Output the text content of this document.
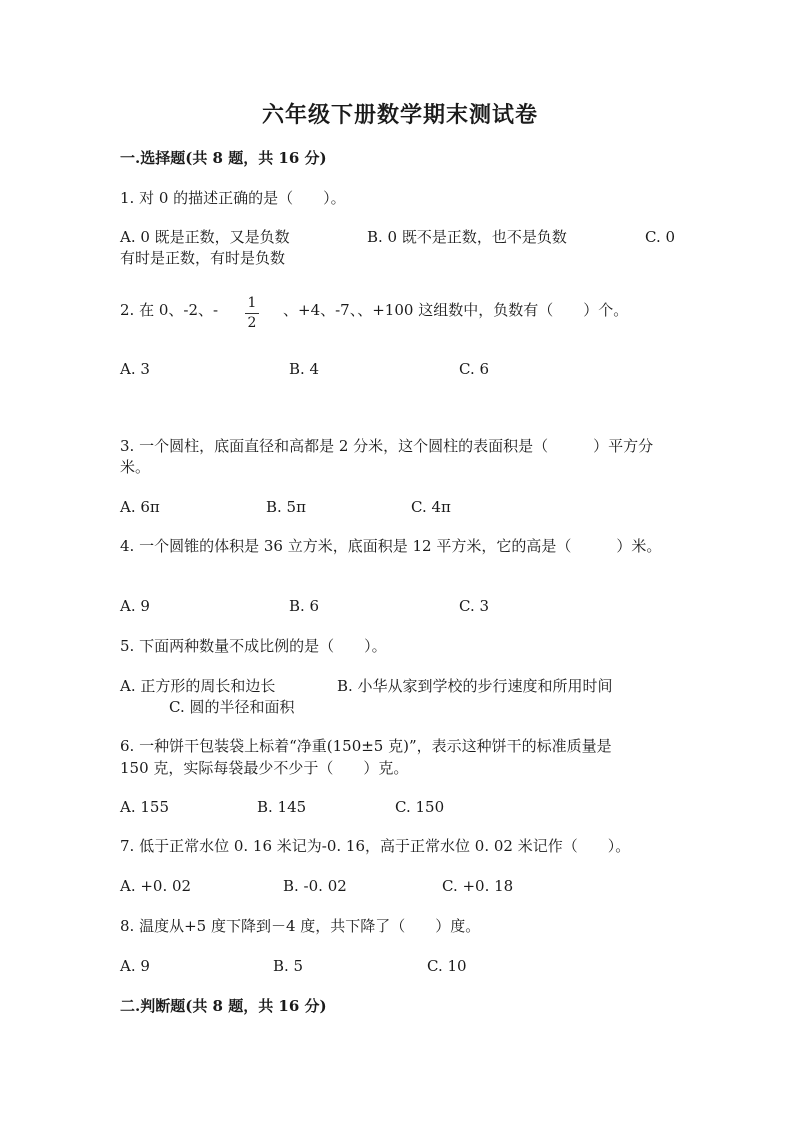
六年级下册数学期末测试卷
一.选择题(共 8 题，共 16 分)
1. 对 0 的描述正确的是（　　）。
A. 0 既是正数，又是负数	B. 0 既不是正数，也不是负数	C. 0
有时是正数，有时是负数
2. 在 0、-2、-	1
2
、+4、-7、、+100 这组数中，负数有（　　）个。
A. 3	B. 4	C. 6
3. 一个圆柱，底面直径和高都是 2 分米，这个圆柱的表面积是（　　　）平方分
米。
A. 6π	B. 5π	C. 4π
4. 一个圆锥的体积是 36 立方米，底面积是 12 平方米，它的高是（　　　）米。
A. 9	B. 6	C. 3
5. 下面两种数量不成比例的是（　　）。
A. 正方形的周长和边长	B. 小华从家到学校的步行速度和所用时间
C. 圆的半径和面积
6. 一种饼干包装袋上标着“净重(150±5 克)”，表示这种饼干的标准质量是
150 克，实际每袋最少不少于（　　）克。
A. 155	B. 145	C. 150
7. 低于正常水位 0. 16 米记为-0. 16，高于正常水位 0. 02 米记作（　　）。
A. +0. 02	B. -0. 02	C. +0. 18
8. 温度从+5 度下降到－4 度，共下降了（　　）度。
A. 9	B. 5	C. 10
二.判断题(共 8 题，共 16 分)
